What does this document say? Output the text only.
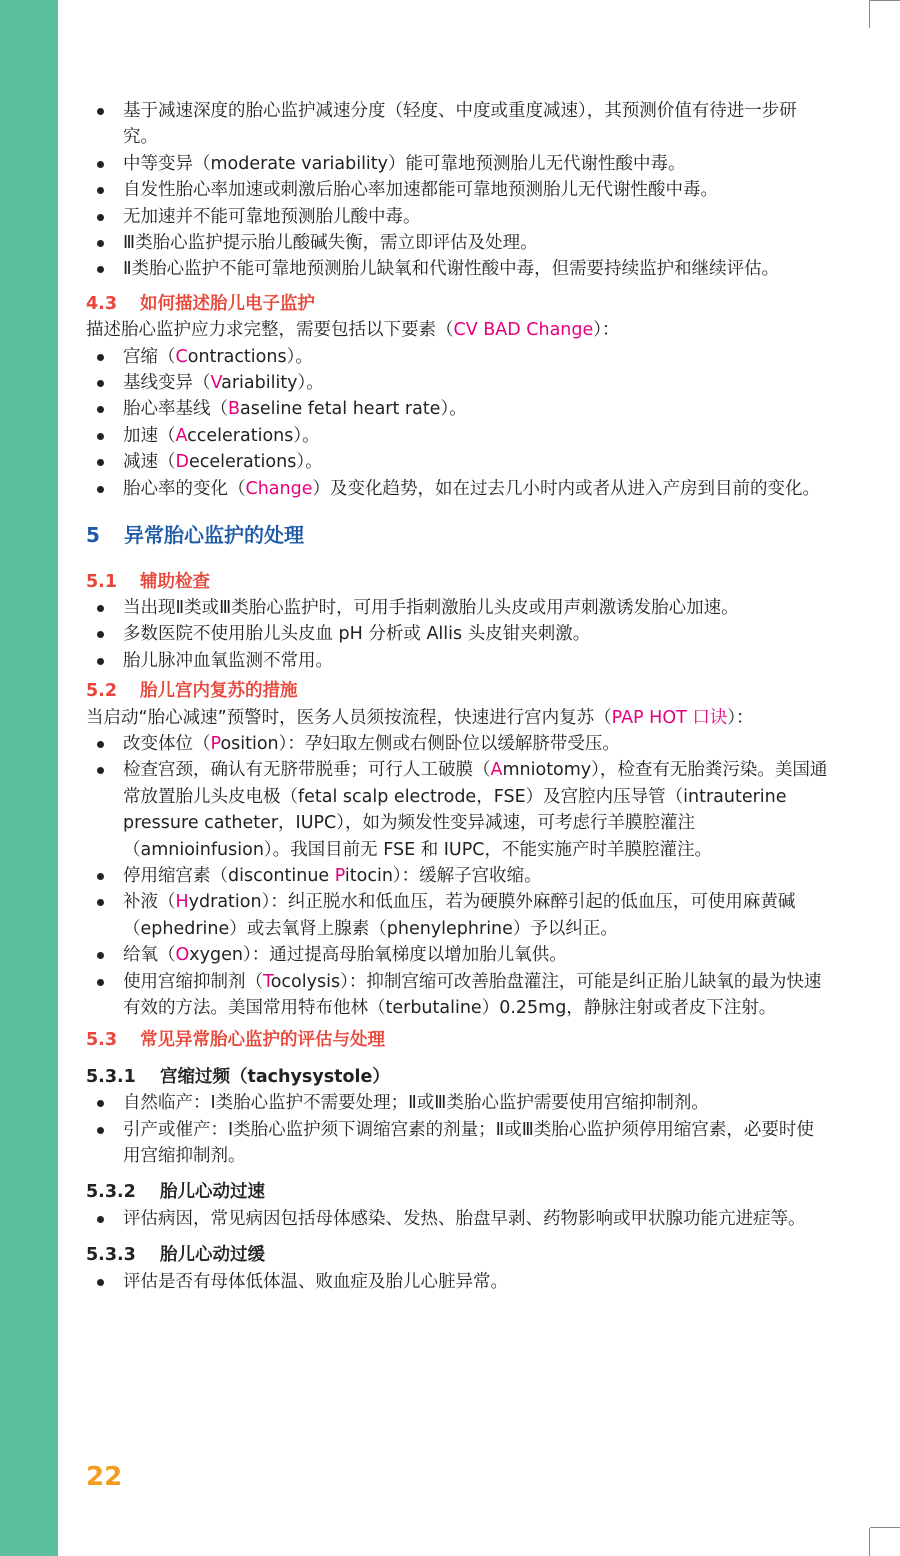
基于减速深度的胎心监护减速分度（轻度、中度或重度减速），其预测价值有待进一步研究。
中等变异（moderate variability）能可靠地预测胎儿无代谢性酸中毒。
自发性胎心率加速或刺激后胎心率加速都能可靠地预测胎儿无代谢性酸中毒。
无加速并不能可靠地预测胎儿酸中毒。
Ⅲ类胎心监护提示胎儿酸碱失衡，需立即评估及处理。
Ⅱ类胎心监护不能可靠地预测胎儿缺氧和代谢性酸中毒，但需要持续监护和继续评估。
4.3 如何描述胎儿电子监护
描述胎心监护应力求完整，需要包括以下要素（CV BAD Change）：
宫缩（Contractions）。
基线变异（Variability）。
胎心率基线（Baseline fetal heart rate）。
加速（Accelerations）。
减速（Decelerations）。
胎心率的变化（Change）及变化趋势，如在过去几小时内或者从进入产房到目前的变化。
5 异常胎心监护的处理
5.1 辅助检查
当出现Ⅱ类或Ⅲ类胎心监护时，可用手指刺激胎儿头皮或用声刺激诱发胎心加速。
多数医院不使用胎儿头皮血 pH 分析或 Allis 头皮钳夹刺激。
胎儿脉冲血氧监测不常用。
5.2 胎儿宫内复苏的措施
当启动“胎心减速”预警时，医务人员须按流程，快速进行宫内复苏（PAP HOT 口诀）：
改变体位（Position）：孕妇取左侧或右侧卧位以缓解脐带受压。
检查宫颈，确认有无脐带脱垂；可行人工破膜（Amniotomy），检查有无胎粪污染。美国通常放置胎儿头皮电极（fetal scalp electrode，FSE）及宫腔内压导管（intrauterine pressure catheter，IUPC），如为频发性变异减速，可考虑行羊膜腔灌注（amnioinfusion）。我国目前无 FSE 和 IUPC，不能实施产时羊膜腔灌注。
停用缩宫素（discontinue Pitocin）：缓解子宫收缩。
补液（Hydration）：纠正脱水和低血压，若为硬膜外麻醉引起的低血压，可使用麻黄碱（ephedrine）或去氧肾上腺素（phenylephrine）予以纠正。
给氧（Oxygen）：通过提高母胎氧梯度以增加胎儿氧供。
使用宫缩抑制剂（Tocolysis）：抑制宫缩可改善胎盘灌注，可能是纠正胎儿缺氧的最为快速有效的方法。美国常用特布他林（terbutaline）0.25mg，静脉注射或者皮下注射。
5.3 常见异常胎心监护的评估与处理
5.3.1 宫缩过频（tachysystole）
自然临产：Ⅰ类胎心监护不需要处理；Ⅱ或Ⅲ类胎心监护需要使用宫缩抑制剂。
引产或催产：Ⅰ类胎心监护须下调缩宫素的剂量；Ⅱ或Ⅲ类胎心监护须停用缩宫素，必要时使用宫缩抑制剂。
5.3.2 胎儿心动过速
评估病因，常见病因包括母体感染、发热、胎盘早剥、药物影响或甲状腺功能亢进症等。
5.3.3 胎儿心动过缓
评估是否有母体低体温、败血症及胎儿心脏异常。
22
